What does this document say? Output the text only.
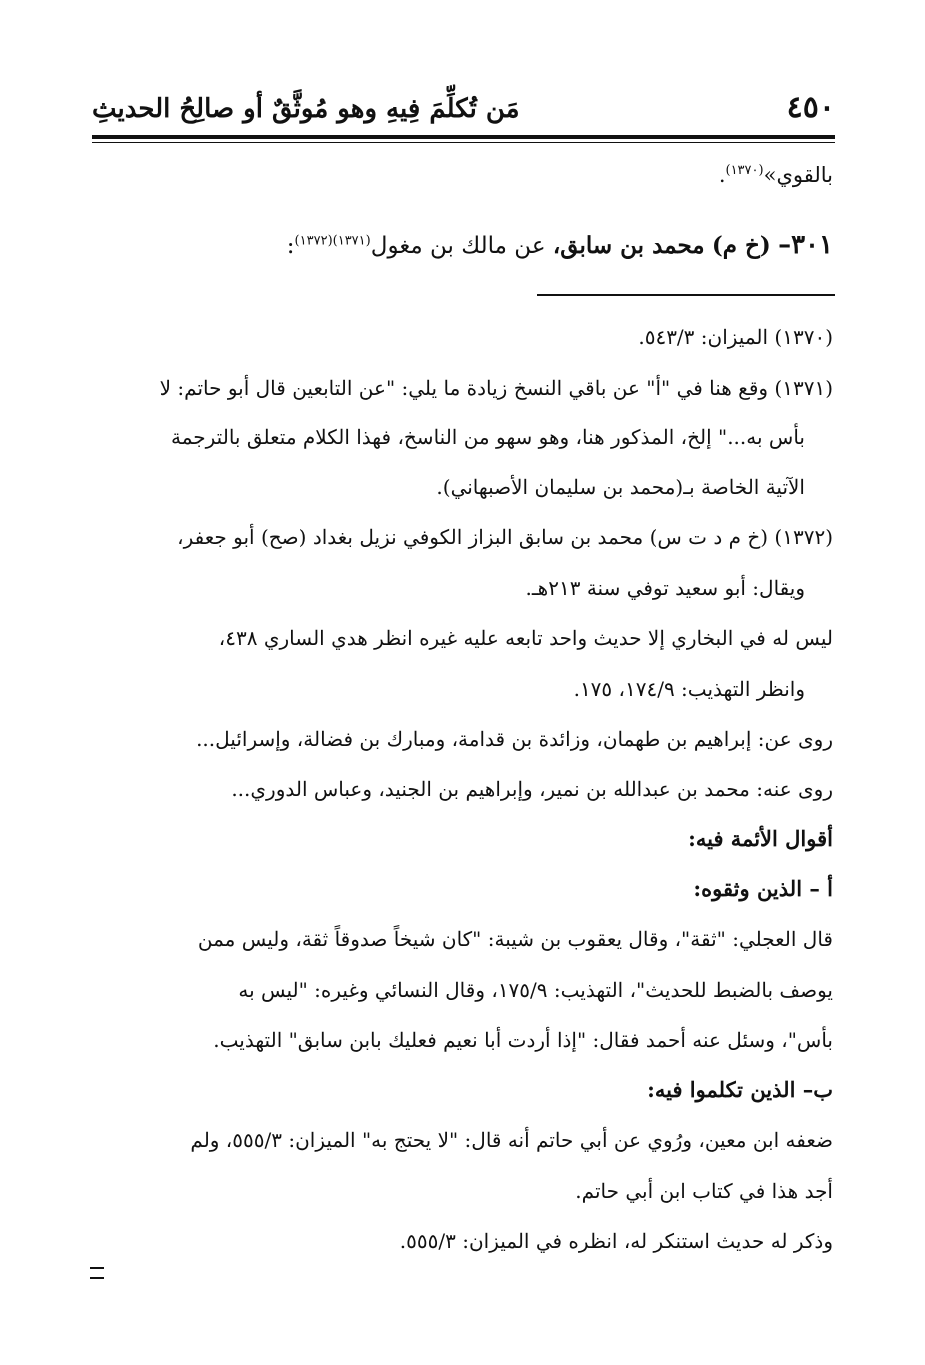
٤٥٠
مَن تُكلِّمَ فِيهِ وهو مُوثَّقٌ أو صالِحُ الحديثِ
بالقوي»$^{(١٣٧٠)}$.
٣٠١– (خ م) محمد بن سابق، عن مالك بن مغول$^{(١٣٧١)(١٣٧٢)}$:
(١٣٧٠) الميزان: ٥٤٣/٣.
(١٣٧١) وقع هنا في "أ" عن باقي النسخ زيادة ما يلي: "عن التابعين قال أبو حاتم: لا
بأس به..." إلخ، المذكور هنا، وهو سهو من الناسخ، فهذا الكلام متعلق بالترجمة
الآتية الخاصة بـ(محمد بن سليمان الأصبهاني).
(١٣٧٢) (خ م د ت س) محمد بن سابق البزاز الكوفي نزيل بغداد (صح) أبو جعفر،
ويقال: أبو سعيد توفي سنة ٢١٣هـ.
ليس له في البخاري إلا حديث واحد تابعه عليه غيره انظر هدي الساري ٤٣٨،
وانظر التهذيب: ١٧٤/٩، ١٧٥.
روى عن: إبراهيم بن طهمان، وزائدة بن قدامة، ومبارك بن فضالة، وإسرائيل...
روى عنه: محمد بن عبدالله بن نمير، وإبراهيم بن الجنيد، وعباس الدوري...
أقوال الأئمة فيه:
أ – الذين وثقوه:
قال العجلي: "ثقة"، وقال يعقوب بن شيبة: "كان شيخاً صدوقاً ثقة، وليس ممن
يوصف بالضبط للحديث"، التهذيب: ١٧٥/٩، وقال النسائي وغيره: "ليس به
بأس"، وسئل عنه أحمد فقال: "إذا أردت أبا نعيم فعليك بابن سابق" التهذيب.
ب– الذين تكلموا فيه:
ضعفه ابن معين، ورُوي عن أبي حاتم أنه قال: "لا يحتج به" الميزان: ٥٥٥/٣، ولم
أجد هذا في كتاب ابن أبي حاتم.
وذكر له حديث استنكر له، انظره في الميزان: ٥٥٥/٣.
